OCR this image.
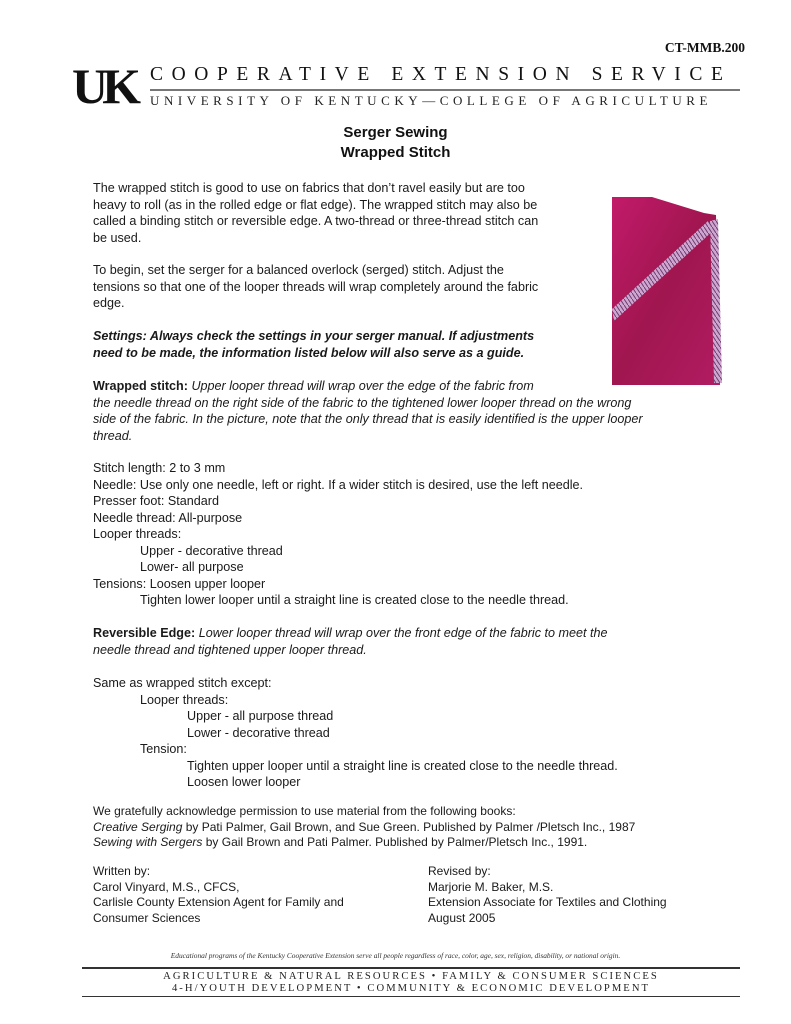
CT-MMB.200
UK COOPERATIVE EXTENSION SERVICE
UNIVERSITY OF KENTUCKY—COLLEGE OF AGRICULTURE
Serger Sewing
Wrapped Stitch
The wrapped stitch is good to use on fabrics that don’t ravel easily but are too
heavy to roll (as in the rolled edge or flat edge). The wrapped stitch may also be
called a binding stitch or reversible edge. A two-thread or three-thread stitch can
be used.
To begin, set the serger for a balanced overlock (serged) stitch. Adjust the
tensions so that one of the looper threads will wrap completely around the fabric
edge.
Settings: Always check the settings in your serger manual. If adjustments
need to be made, the information listed below will also serve as a guide.
Wrapped stitch: Upper looper thread will wrap over the edge of the fabric from
the needle thread on the right side of the fabric to the tightened lower looper thread on the wrong
side of the fabric. In the picture, note that the only thread that is easily identified is the upper looper
thread.
Stitch length: 2 to 3 mm
Needle: Use only one needle, left or right. If a wider stitch is desired, use the left needle.
Presser foot: Standard
Needle thread: All-purpose
Looper threads:
Upper - decorative thread
Lower- all purpose
Tensions: Loosen upper looper
Tighten lower looper until a straight line is created close to the needle thread.
Reversible Edge: Lower looper thread will wrap over the front edge of the fabric to meet the
needle thread and tightened upper looper thread.
Same as wrapped stitch except:
Looper threads:
Upper - all purpose thread
Lower - decorative thread
Tension:
Tighten upper looper until a straight line is created close to the needle thread.
Loosen lower looper
We gratefully acknowledge permission to use material from the following books:
Creative Serging by Pati Palmer, Gail Brown, and Sue Green. Published by Palmer /Pletsch Inc., 1987
Sewing with Sergers by Gail Brown and Pati Palmer. Published by Palmer/Pletsch Inc., 1991.
Written by:
Carol Vinyard, M.S., CFCS,
Carlisle County Extension Agent for Family and
Consumer Sciences
Revised by:
Marjorie M. Baker, M.S.
Extension Associate for Textiles and Clothing
August 2005
Educational programs of the Kentucky Cooperative Extension serve all people regardless of race, color, age, sex, religion, disability, or national origin.
AGRICULTURE & NATURAL RESOURCES • FAMILY & CONSUMER SCIENCES
4-H/YOUTH DEVELOPMENT • COMMUNITY & ECONOMIC DEVELOPMENT
